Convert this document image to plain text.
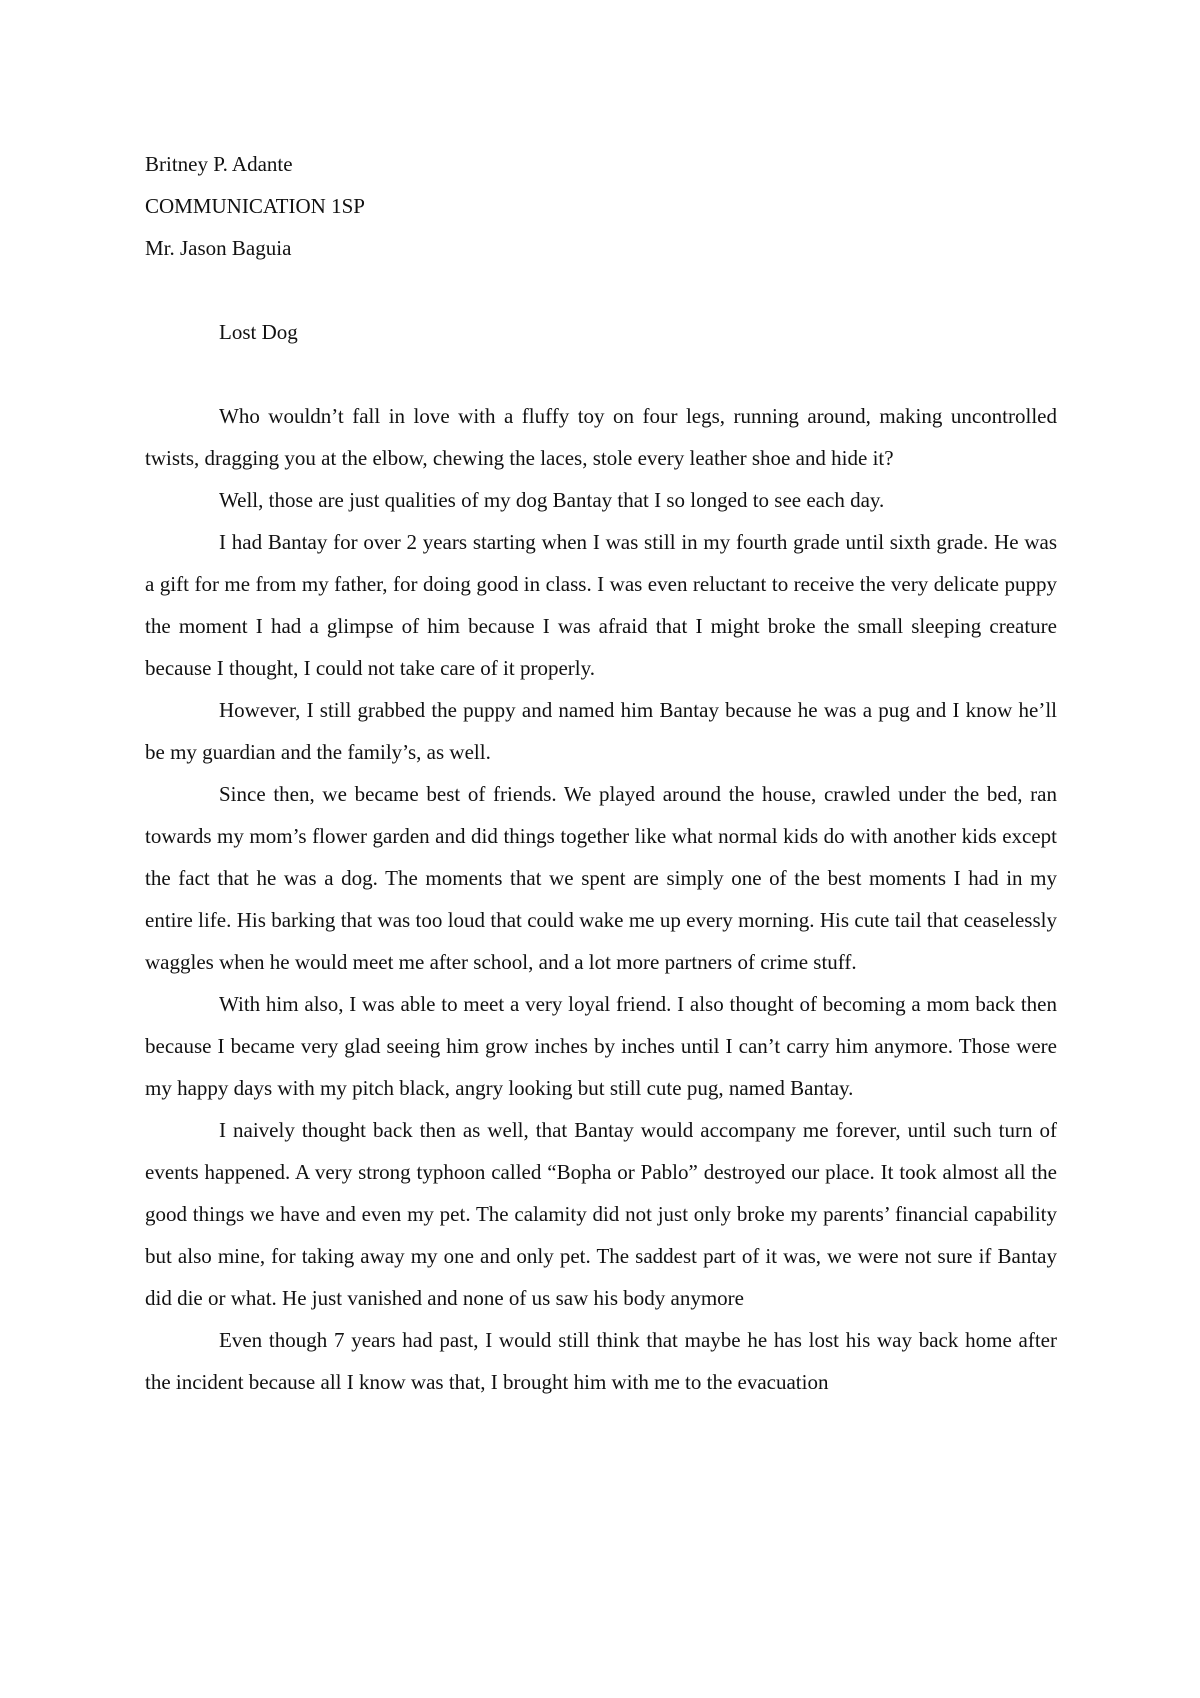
Britney P. Adante

COMMUNICATION 1SP

Mr. Jason Baguia

Lost Dog

Who wouldn’t fall in love with a fluffy toy on four legs, running around, making uncontrolled twists, dragging you at the elbow, chewing the laces, stole every leather shoe and hide it?

Well, those are just qualities of my dog Bantay that I so longed to see each day.

I had Bantay for over 2 years starting when I was still in my fourth grade until sixth grade. He was a gift for me from my father, for doing good in class. I was even reluctant to receive the very delicate puppy the moment I had a glimpse of him because I was afraid that I might broke the small sleeping creature because I thought, I could not take care of it properly.

However, I still grabbed the puppy and named him Bantay because he was a pug and I know he’ll be my guardian and the family’s, as well.

Since then, we became best of friends. We played around the house, crawled under the bed, ran towards my mom’s flower garden and did things together like what normal kids do with another kids except the fact that he was a dog. The moments that we spent are simply one of the best moments I had in my entire life. His barking that was too loud that could wake me up every morning. His cute tail that ceaselessly waggles when he would meet me after school, and a lot more partners of crime stuff.

With him also, I was able to meet a very loyal friend. I also thought of becoming a mom back then because I became very glad seeing him grow inches by inches until I can’t carry him anymore. Those were my happy days with my pitch black, angry looking but still cute pug, named Bantay.

I naively thought back then as well, that Bantay would accompany me forever, until such turn of events happened. A very strong typhoon called “Bopha or Pablo” destroyed our place. It took almost all the good things we have and even my pet. The calamity did not just only broke my parents’ financial capability but also mine, for taking away my one and only pet. The saddest part of it was, we were not sure if Bantay did die or what. He just vanished and none of us saw his body anymore

Even though 7 years had past, I would still think that maybe he has lost his way back home after the incident because all I know was that, I brought him with me to the evacuation
